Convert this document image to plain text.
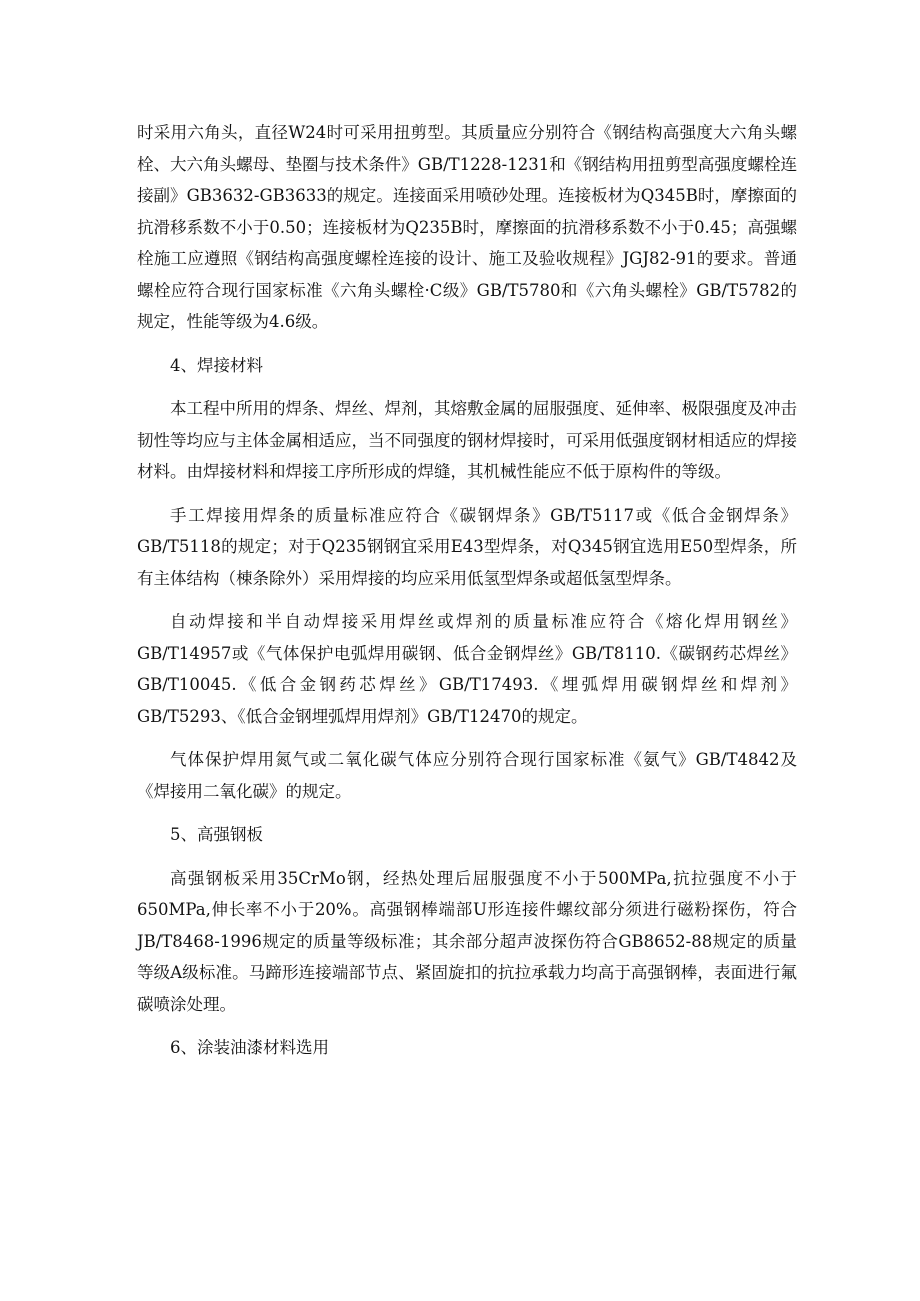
时采用六角头，直径W24时可采用扭剪型。其质量应分别符合《钢结构高强度大六角头螺栓、大六角头螺母、垫圈与技术条件》GB/T1228-1231和《钢结构用扭剪型高强度螺栓连接副》GB3632-GB3633的规定。连接面采用喷砂处理。连接板材为Q345B时，摩擦面的抗滑移系数不小于0.50；连接板材为Q235B时，摩擦面的抗滑移系数不小于0.45；高强螺栓施工应遵照《钢结构高强度螺栓连接的设计、施工及验收规程》JGJ82-91的要求。普通螺栓应符合现行国家标准《六角头螺栓·C级》GB/T5780和《六角头螺栓》GB/T5782的规定，性能等级为4.6级。

4、焊接材料

本工程中所用的焊条、焊丝、焊剂，其熔敷金属的屈服强度、延伸率、极限强度及冲击韧性等均应与主体金属相适应，当不同强度的钢材焊接时，可采用低强度钢材相适应的焊接材料。由焊接材料和焊接工序所形成的焊缝，其机械性能应不低于原构件的等级。

手工焊接用焊条的质量标准应符合《碳钢焊条》GB/T5117或《低合金钢焊条》GB/T5118的规定；对于Q235钢钢宜采用E43型焊条，对Q345钢宜选用E50型焊条，所有主体结构（棟条除外）采用焊接的均应采用低氢型焊条或超低氢型焊条。

自动焊接和半自动焊接采用焊丝或焊剂的质量标准应符合《熔化焊用钢丝》GB/T14957或《气体保护电弧焊用碳钢、低合金钢焊丝》GB/T8110.《碳钢药芯焊丝》GB/T10045.《低合金钢药芯焊丝》GB/T17493.《埋弧焊用碳钢焊丝和焊剂》GB/T5293、《低合金钢埋弧焊用焊剂》GB/T12470的规定。

气体保护焊用氮气或二氧化碳气体应分别符合现行国家标准《氨气》GB/T4842及《焊接用二氧化碳》的规定。

5、高强钢板

高强钢板采用35CrMo钢，经热处理后屈服强度不小于500MPa,抗拉强度不小于650MPa,伸长率不小于20%。高强钢棒端部U形连接件螺纹部分须进行磁粉探伤，符合JB/T8468-1996规定的质量等级标准；其余部分超声波探伤符合GB8652-88规定的质量等级A级标准。马蹄形连接端部节点、紧固旋扣的抗拉承载力均高于高强钢棒，表面进行氟碳喷涂处理。

6、涂装油漆材料选用
